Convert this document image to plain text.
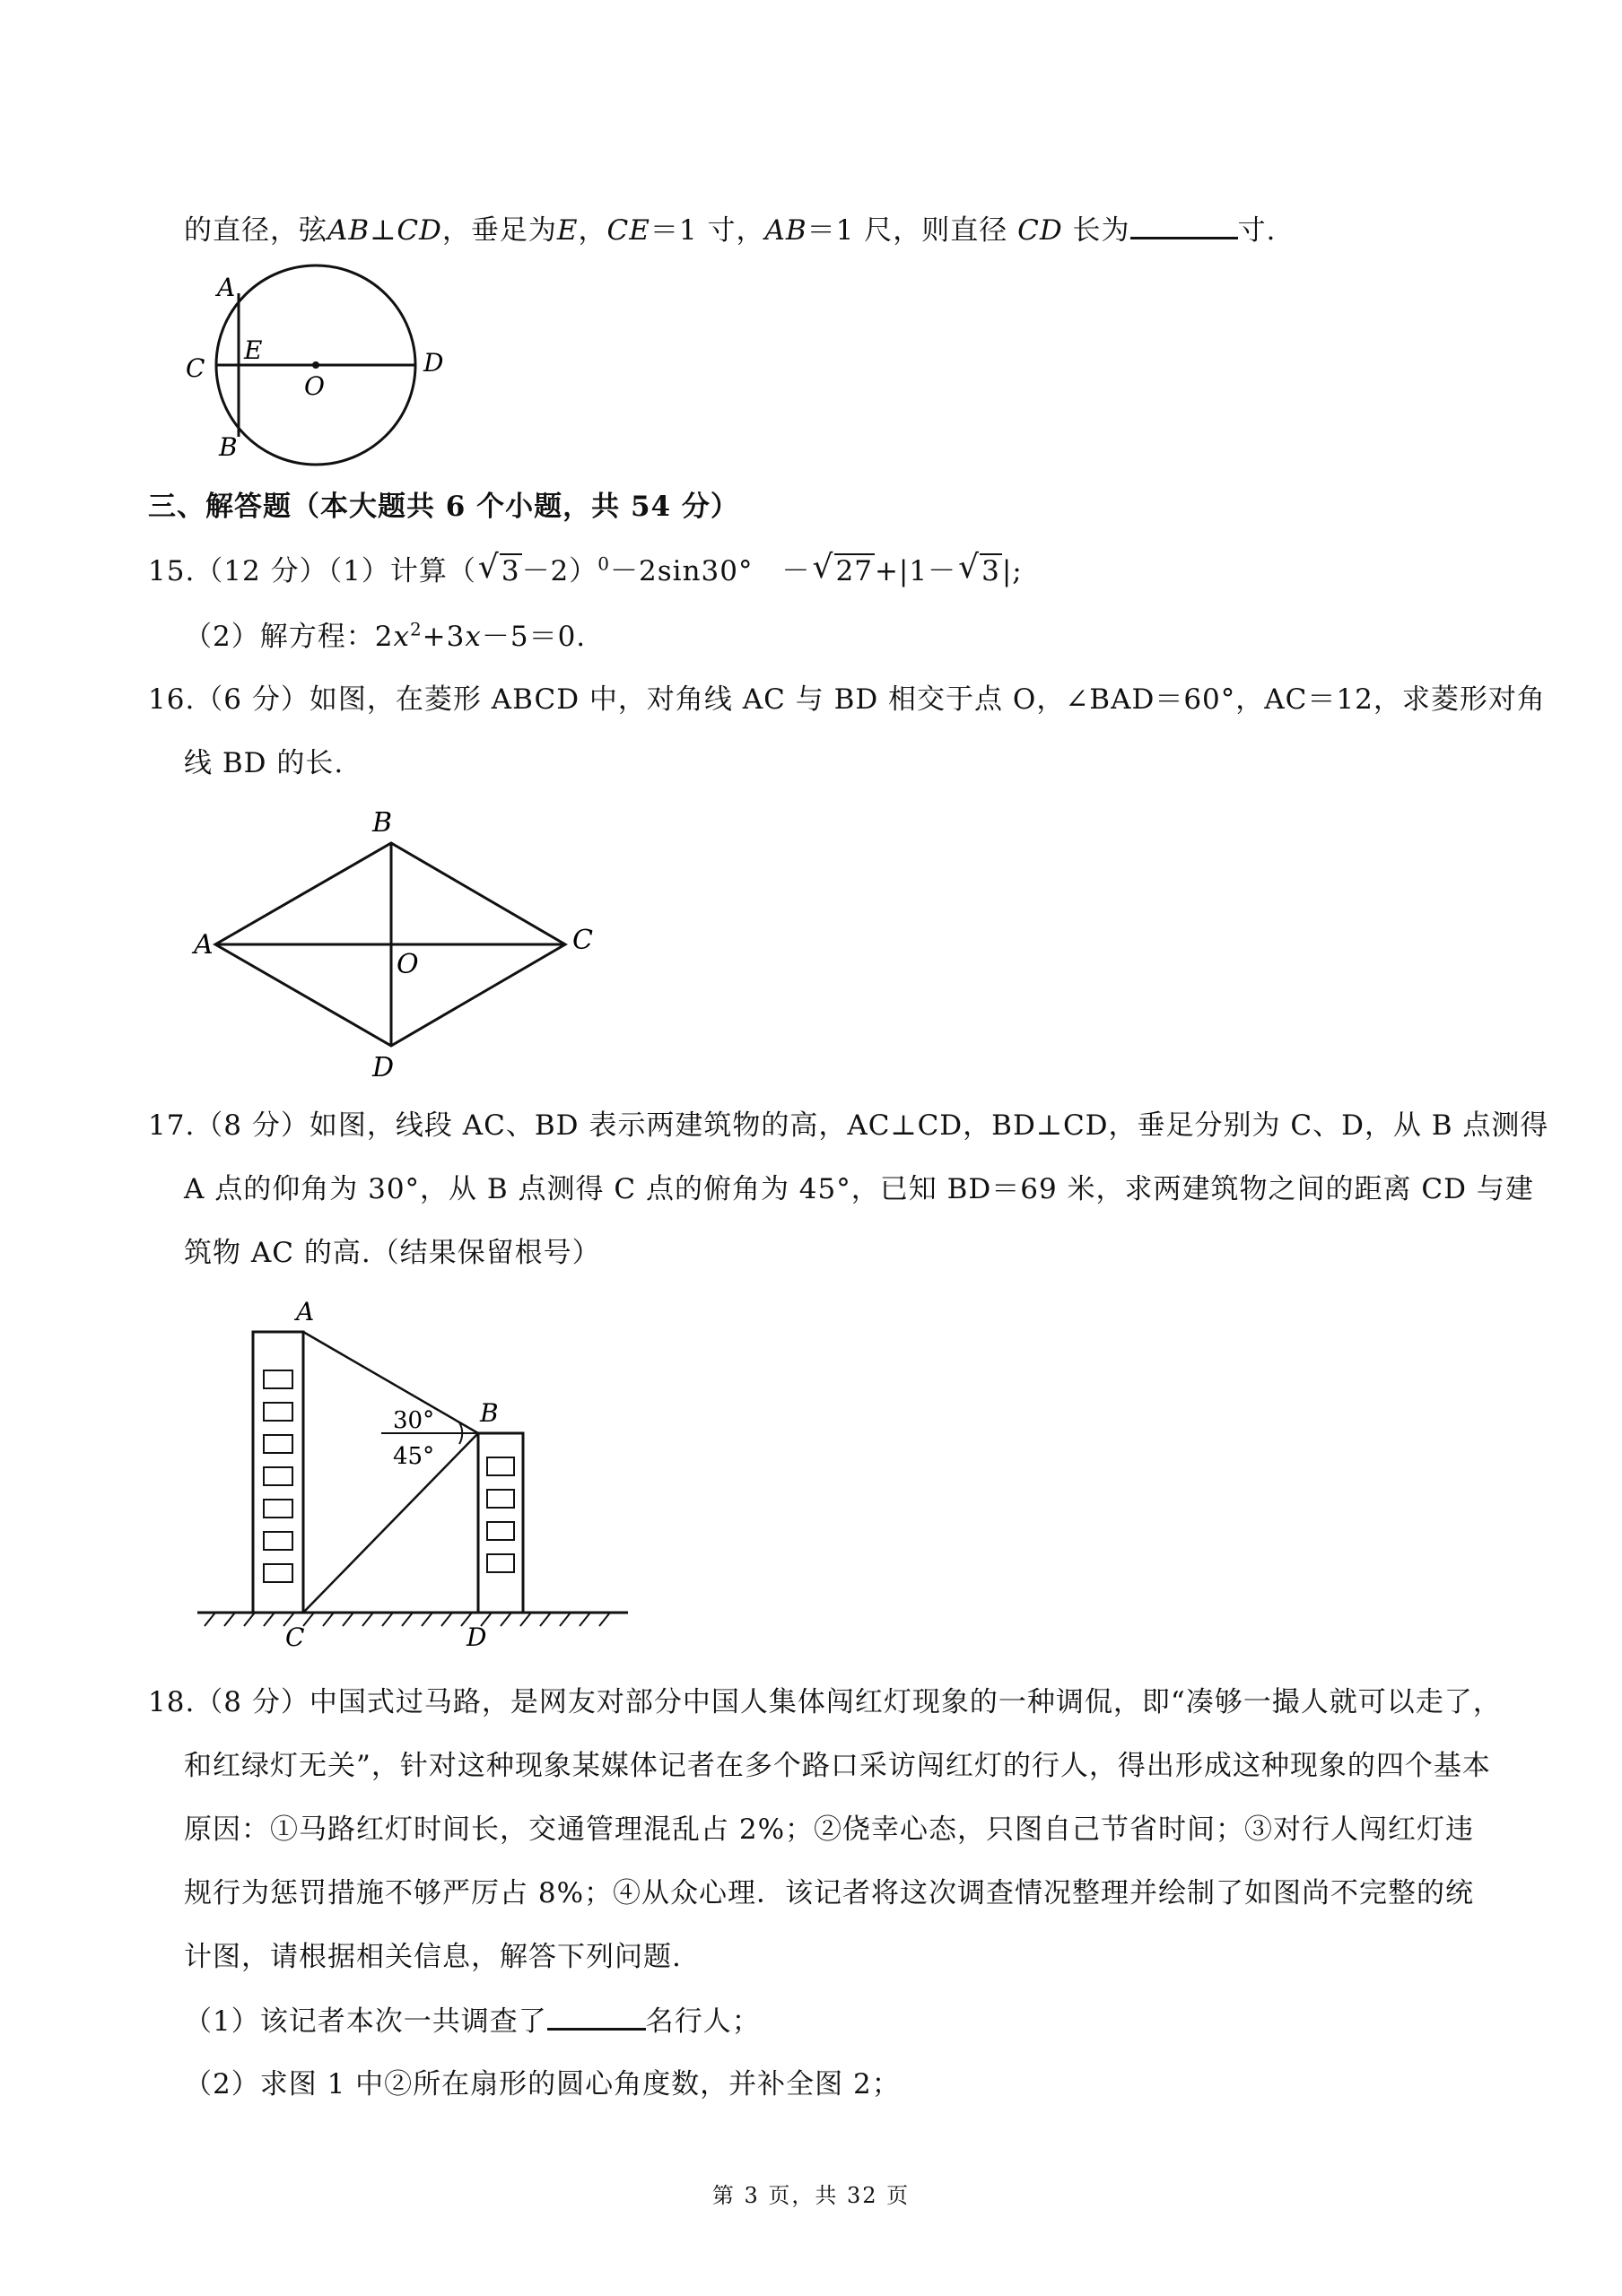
的直径，弦AB⊥CD，垂足为E，CE＝1 寸，AB＝1 尺，则直径 CD 长为	寸.
A
B
C	D
E
O
三、解答题（本大题共 6 个小题，共 54 分）
15.（12 分）（1）计算（ √ 3－2）$^0$－2sin30°　－ √ 27+|1－ √ 3|;
（2）解方程：$2x^2+3x-5=0$.
16.（6 分）如图，在菱形 ABCD 中，对角线 AC 与 BD 相交于点 O，∠BAD＝60°，AC＝12，求菱形对角
线 BD 的长.
B
A	C
D
O
17.（8 分）如图，线段 AC、BD 表示两建筑物的高，AC⊥CD，BD⊥CD，垂足分别为 C、D，从 B 点测得
A 点的仰角为 30°，从 B 点测得 C 点的俯角为 45°，已知 BD＝69 米，求两建筑物之间的距离 CD 与建
筑物 AC 的高.（结果保留根号）
A
B
C	D
30°
45°
18.（8 分）中国式过马路，是网友对部分中国人集体闯红灯现象的一种调侃，即“凑够一撮人就可以走了，
和红绿灯无关”，针对这种现象某媒体记者在多个路口采访闯红灯的行人，得出形成这种现象的四个基本
原因：①马路红灯时间长，交通管理混乱占 2%；②侥幸心态，只图自己节省时间；③对行人闯红灯违
规行为惩罚措施不够严厉占 8%；④从众心理．该记者将这次调查情况整理并绘制了如图尚不完整的统
计图，请根据相关信息，解答下列问题.
（1）该记者本次一共调查了	名行人；
（2）求图 1 中②所在扇形的圆心角度数，并补全图 2；
第 3 页，共 32 页
